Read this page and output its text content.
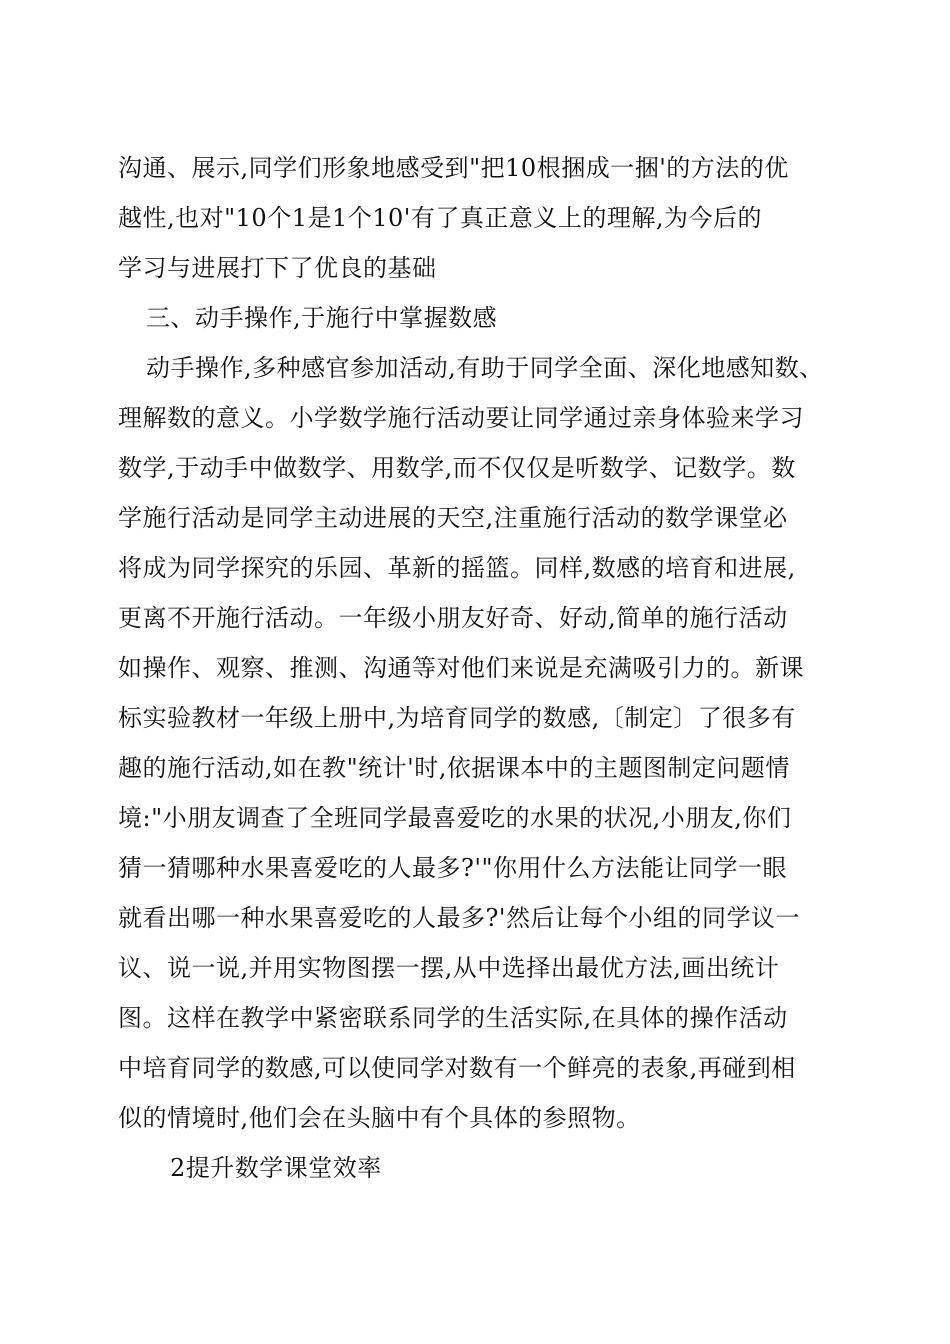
沟通、展示,同学们形象地感受到"把10根捆成一捆'的方法的优
越性,也对"10个1是1个10'有了真正意义上的理解,为今后的
学习与进展打下了优良的基础
三、动手操作,于施行中掌握数感
动手操作,多种感官参加活动,有助于同学全面、深化地感知数、
理解数的意义。小学数学施行活动要让同学通过亲身体验来学习
数学,于动手中做数学、用数学,而不仅仅是听数学、记数学。数
学施行活动是同学主动进展的天空,注重施行活动的数学课堂必
将成为同学探究的乐园、革新的摇篮。同样,数感的培育和进展,
更离不开施行活动。一年级小朋友好奇、好动,简单的施行活动
如操作、观察、推测、沟通等对他们来说是充满吸引力的。新课
标实验教材一年级上册中,为培育同学的数感,〔制定〕了很多有
趣的施行活动,如在教"统计'时,依据课本中的主题图制定问题情
境:"小朋友调查了全班同学最喜爱吃的水果的状况,小朋友,你们
猜一猜哪种水果喜爱吃的人最多?'"你用什么方法能让同学一眼
就看出哪一种水果喜爱吃的人最多?'然后让每个小组的同学议一
议、说一说,并用实物图摆一摆,从中选择出最优方法,画出统计
图。这样在教学中紧密联系同学的生活实际,在具体的操作活动
中培育同学的数感,可以使同学对数有一个鲜亮的表象,再碰到相
似的情境时,他们会在头脑中有个具体的参照物。
2提升数学课堂效率
